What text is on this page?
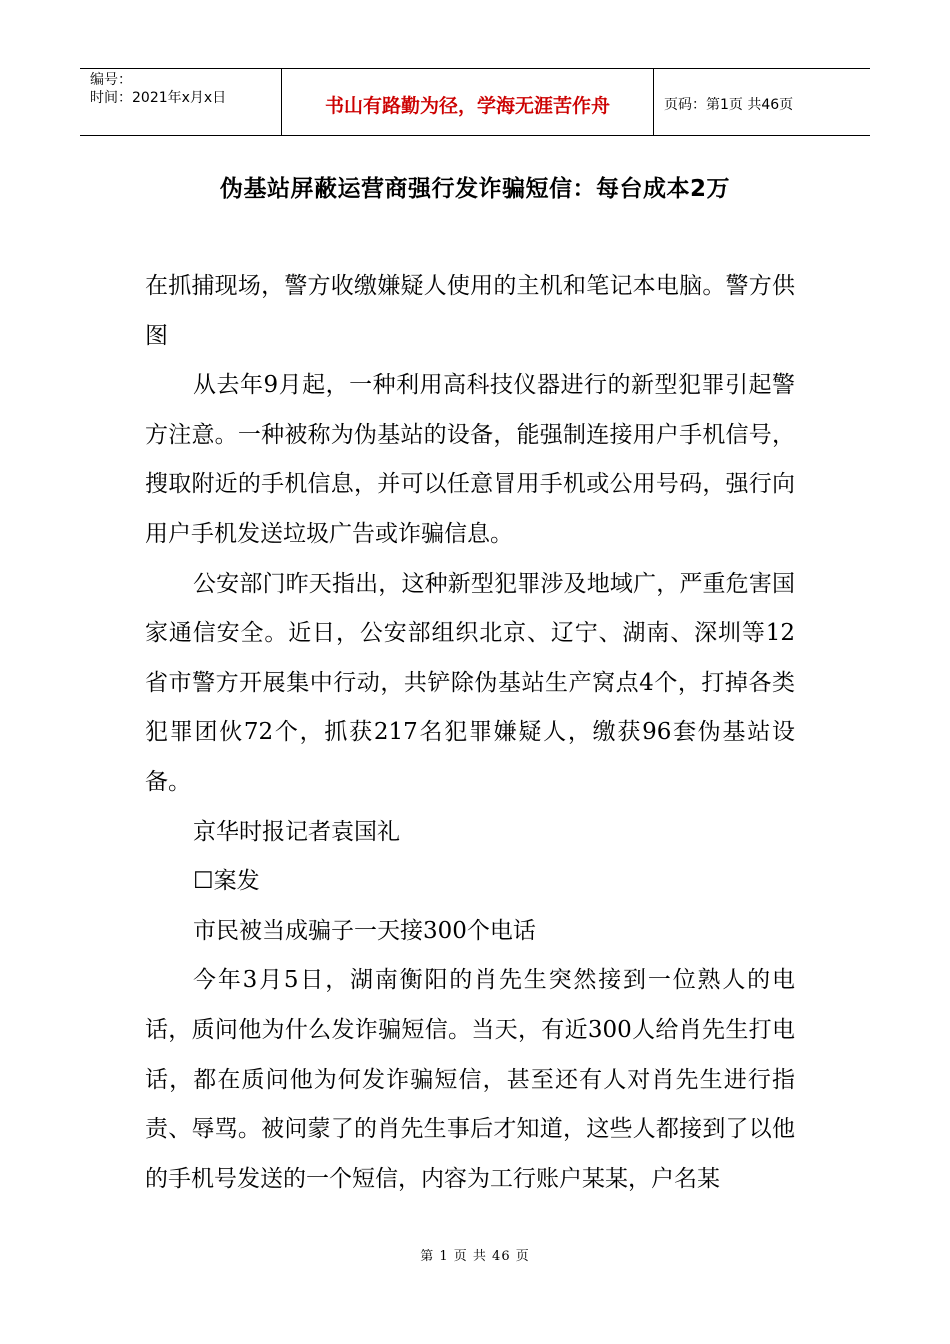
编号：
时间：2021年x月x日	书山有路勤为径，学海无涯苦作舟	页码：第1页 共46页
伪基站屏蔽运营商强行发诈骗短信：每台成本2万

在抓捕现场，警方收缴嫌疑人使用的主机和笔记本电脑。警方供图

从去年9月起，一种利用高科技仪器进行的新型犯罪引起警方注意。一种被称为伪基站的设备，能强制连接用户手机信号，搜取附近的手机信息，并可以任意冒用手机或公用号码，强行向用户手机发送垃圾广告或诈骗信息。

公安部门昨天指出，这种新型犯罪涉及地域广，严重危害国家通信安全。近日，公安部组织北京、辽宁、湖南、深圳等12省市警方开展集中行动，共铲除伪基站生产窝点4个，打掉各类犯罪团伙72个，抓获217名犯罪嫌疑人，缴获96套伪基站设备。

京华时报记者袁国礼

☐案发

市民被当成骗子一天接300个电话

今年3月5日，湖南衡阳的肖先生突然接到一位熟人的电话，质问他为什么发诈骗短信。当天，有近300人给肖先生打电话，都在质问他为何发诈骗短信，甚至还有人对肖先生进行指责、辱骂。被问蒙了的肖先生事后才知道，这些人都接到了以他的手机号发送的一个短信，内容为工行账户某某，户名某

第 1 页 共 46 页
